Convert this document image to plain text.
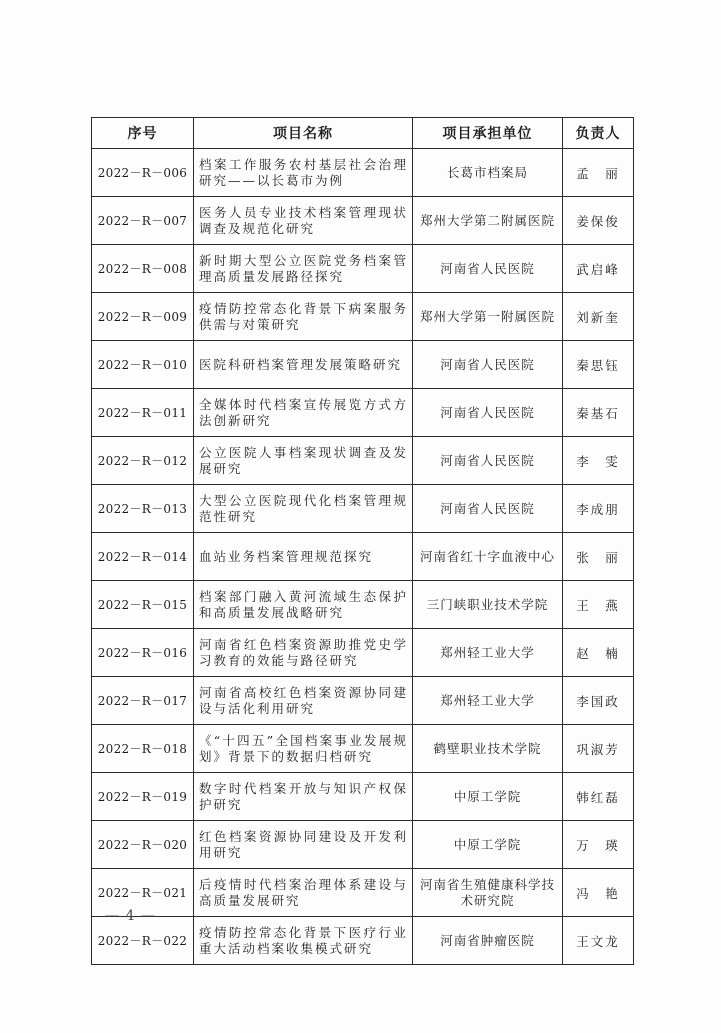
序号	项目名称	项目承担单位	负责人
2022－R－006	档案工作服务农村基层社会治理研究——以长葛市为例	长葛市档案局	孟　丽
2022－R－007	医务人员专业技术档案管理现状调查及规范化研究	郑州大学第二附属医院	姜保俊
2022－R－008	新时期大型公立医院党务档案管理高质量发展路径探究	河南省人民医院	武启峰
2022－R－009	疫情防控常态化背景下病案服务供需与对策研究	郑州大学第一附属医院	刘新奎
2022－R－010	医院科研档案管理发展策略研究	河南省人民医院	秦思钰
2022－R－011	全媒体时代档案宣传展览方式方法创新研究	河南省人民医院	秦基石
2022－R－012	公立医院人事档案现状调查及发展研究	河南省人民医院	李　雯
2022－R－013	大型公立医院现代化档案管理规范性研究	河南省人民医院	李成朋
2022－R－014	血站业务档案管理规范探究	河南省红十字血液中心	张　丽
2022－R－015	档案部门融入黄河流域生态保护和高质量发展战略研究	三门峡职业技术学院	王　燕
2022－R－016	河南省红色档案资源助推党史学习教育的效能与路径研究	郑州轻工业大学	赵　楠
2022－R－017	河南省高校红色档案资源协同建设与活化利用研究	郑州轻工业大学	李国政
2022－R－018	《“十四五”全国档案事业发展规划》背景下的数据归档研究	鹤壁职业技术学院	巩淑芳
2022－R－019	数字时代档案开放与知识产权保护研究	中原工学院	韩红磊
2022－R－020	红色档案资源协同建设及开发利用研究	中原工学院	万　瑛
2022－R－021	后疫情时代档案治理体系建设与高质量发展研究	河南省生殖健康科学技术研究院	冯　艳
2022－R－022	疫情防控常态化背景下医疗行业重大活动档案收集模式研究	河南省肿瘤医院	王文龙
— 4 —
